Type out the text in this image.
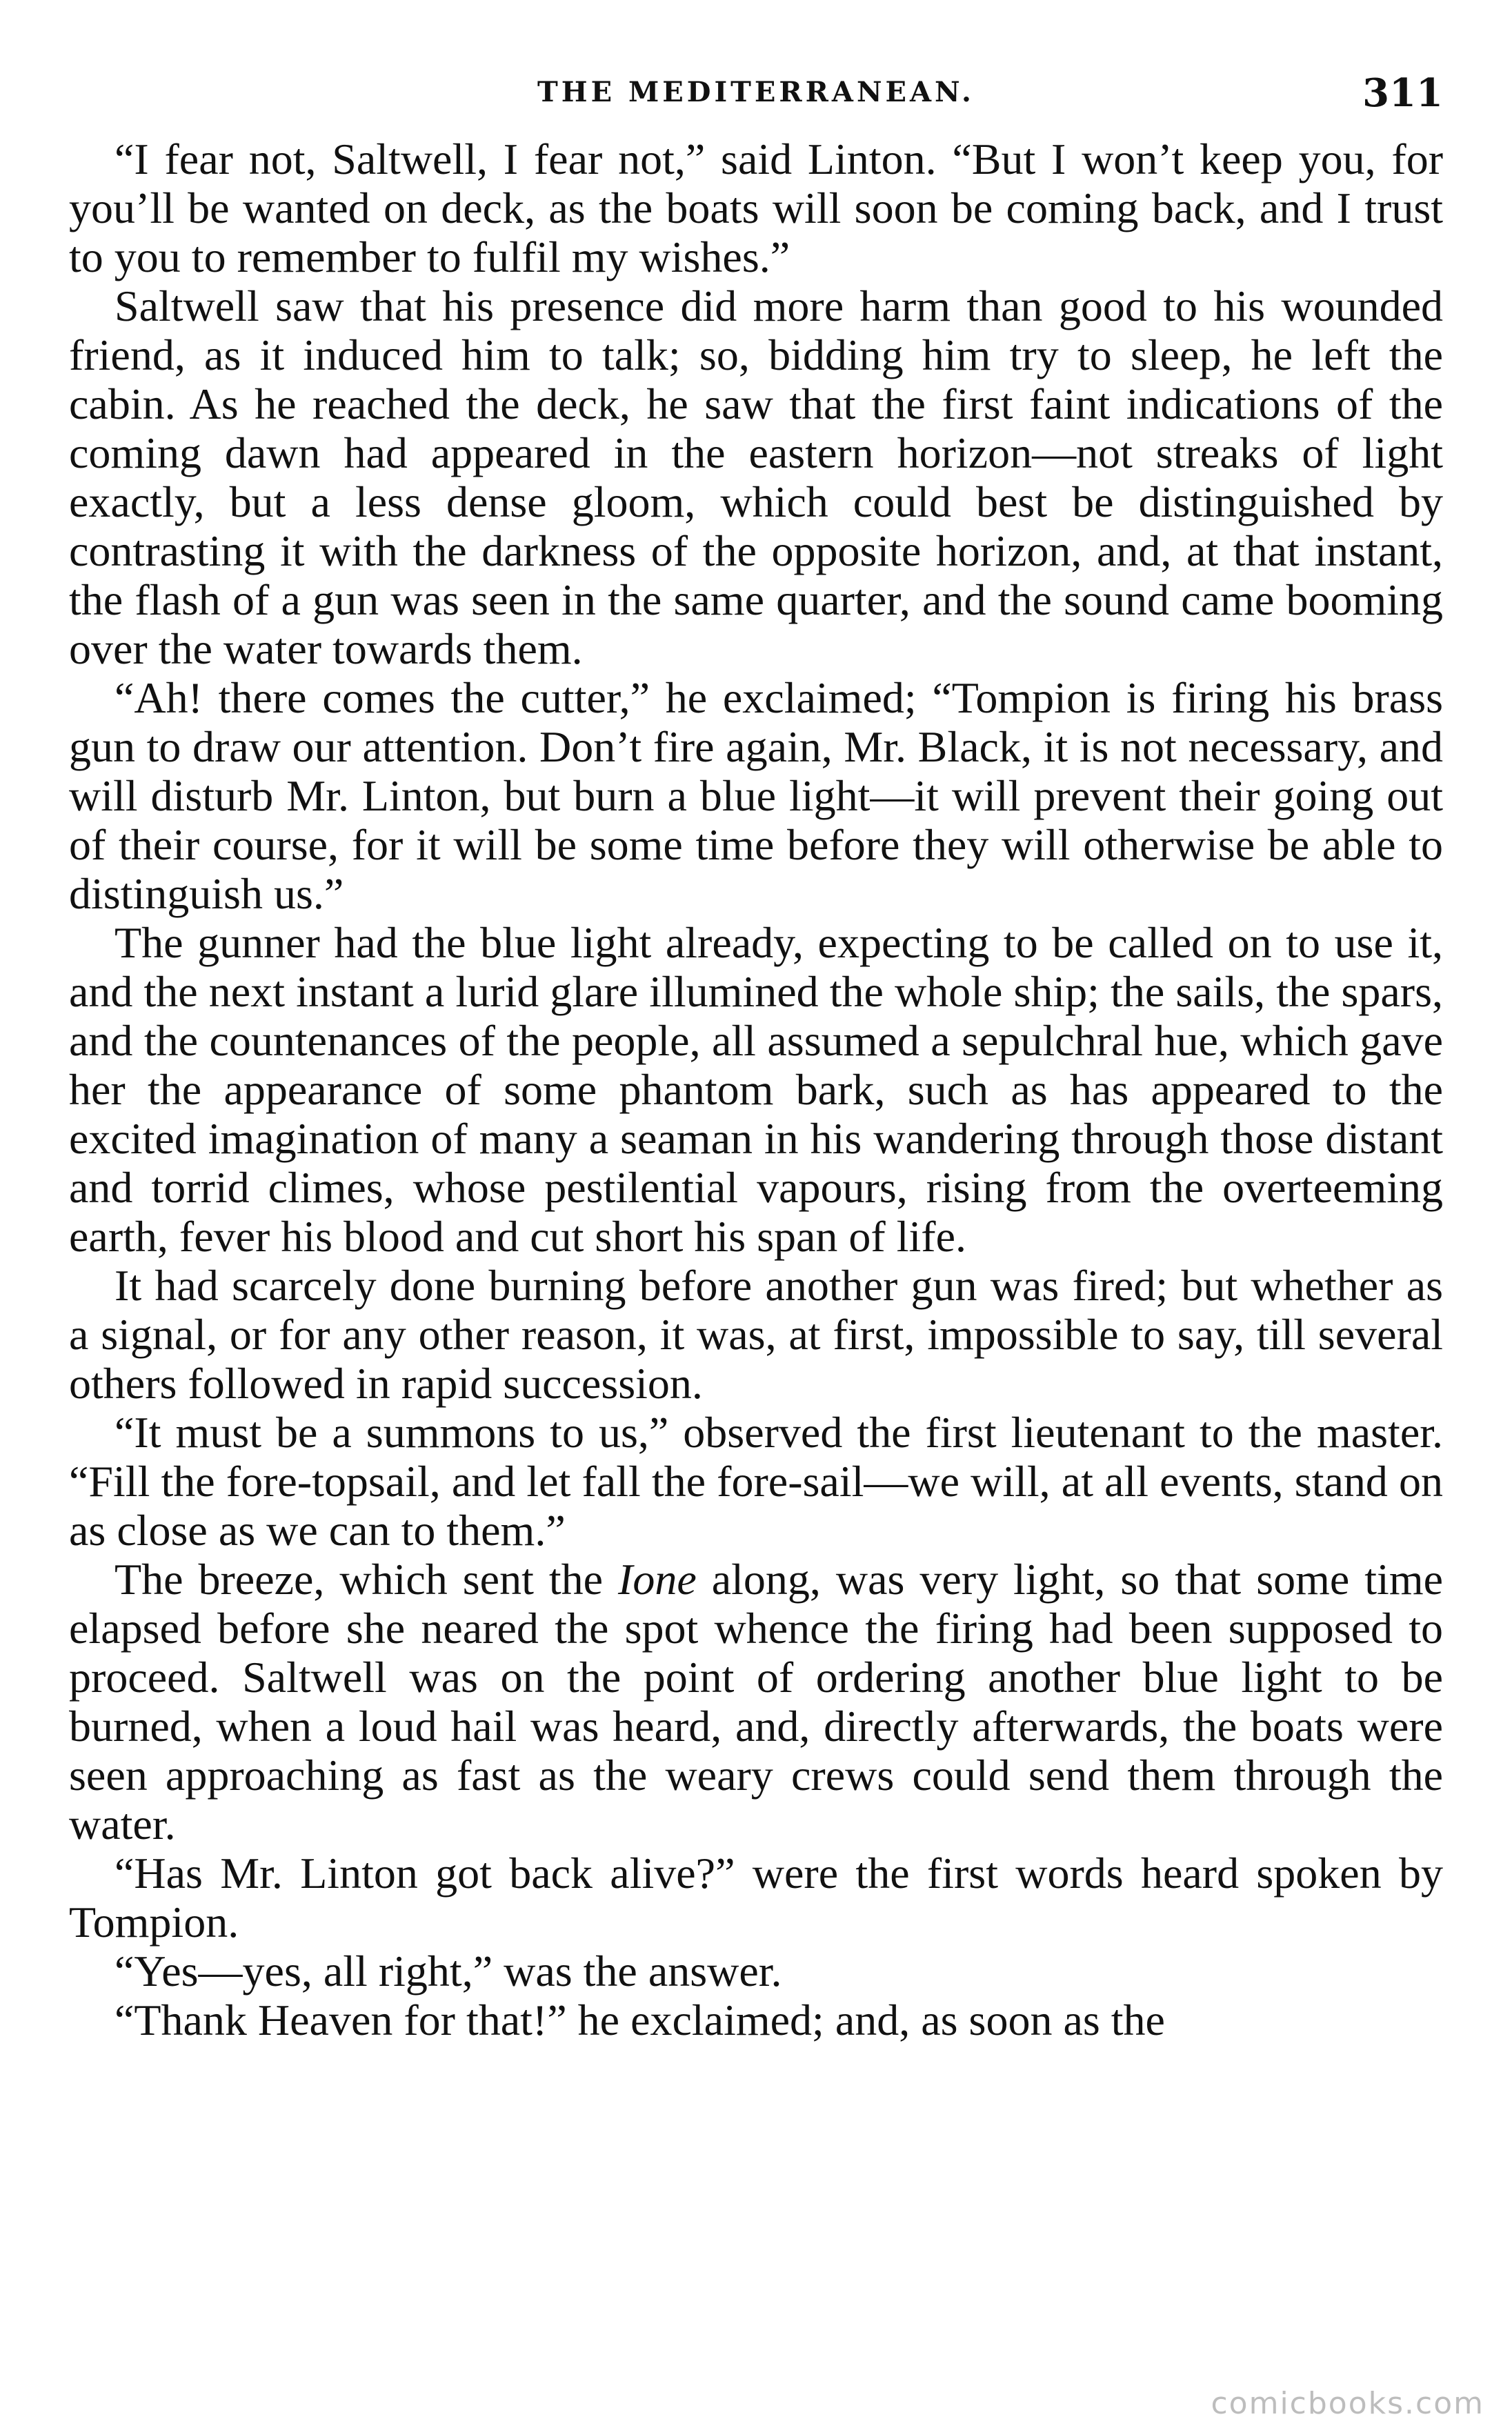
THE MEDITERRANEAN.	311

“I fear not, Saltwell, I fear not,” said Linton. “But I won’t keep you, for you’ll be wanted on deck, as the boats will soon be coming back, and I trust to you to remember to fulfil my wishes.”

Saltwell saw that his presence did more harm than good to his wounded friend, as it induced him to talk; so, bidding him try to sleep, he left the cabin. As he reached the deck, he saw that the first faint indications of the coming dawn had appeared in the eastern horizon—not streaks of light exactly, but a less dense gloom, which could best be distinguished by contrasting it with the darkness of the opposite horizon, and, at that instant, the flash of a gun was seen in the same quarter, and the sound came booming over the water towards them.

“Ah! there comes the cutter,” he exclaimed; “Tompion is firing his brass gun to draw our attention. Don’t fire again, Mr. Black, it is not necessary, and will disturb Mr. Linton, but burn a blue light—it will prevent their going out of their course, for it will be some time before they will otherwise be able to distinguish us.”

The gunner had the blue light already, expecting to be called on to use it, and the next instant a lurid glare illumined the whole ship; the sails, the spars, and the countenances of the people, all assumed a sepulchral hue, which gave her the appearance of some phantom bark, such as has appeared to the excited imagination of many a seaman in his wandering through those distant and torrid climes, whose pestilential vapours, rising from the overteeming earth, fever his blood and cut short his span of life.

It had scarcely done burning before another gun was fired; but whether as a signal, or for any other reason, it was, at first, impossible to say, till several others followed in rapid succession.

“It must be a summons to us,” observed the first lieutenant to the master. “Fill the fore-topsail, and let fall the fore-sail—we will, at all events, stand on as close as we can to them.”

The breeze, which sent the Ione along, was very light, so that some time elapsed before she neared the spot whence the firing had been supposed to proceed. Saltwell was on the point of ordering another blue light to be burned, when a loud hail was heard, and, directly afterwards, the boats were seen approaching as fast as the weary crews could send them through the water.

“Has Mr. Linton got back alive?” were the first words heard spoken by Tompion.

“Yes—yes, all right,” was the answer.

“Thank Heaven for that!” he exclaimed; and, as soon as the

comicbooks.com
